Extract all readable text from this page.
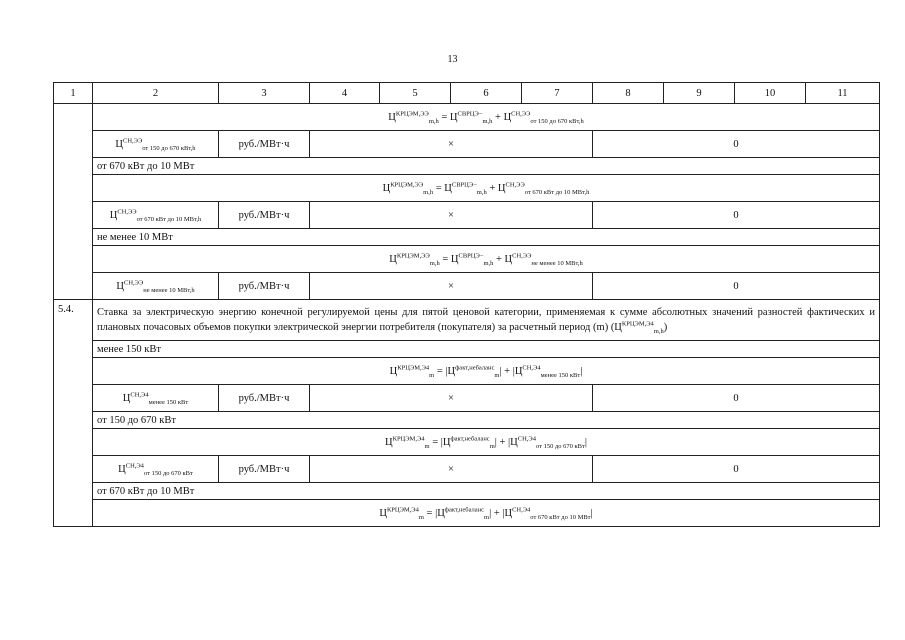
13
1	2	3	4	5	6	7	8	9	10	11
	$Ц^{КРЦЭМ,ЭЭ}_{m,h} = Ц^{СВРЦЭ-}_{m,h} + Ц^{СН,ЭЭ}_{от 150 до 670 кВт,h}$
	$Ц^{СН,ЭЭ}_{от 150 до 670 кВт,h}$	руб./МВт·ч	×				0			
	от 670 кВт до 10 МВт									
	$Ц^{КРЦЭМ,ЭЭ}_{m,h} = Ц^{СВРЦЭ-}_{m,h} + Ц^{СН,ЭЭ}_{от 670 кВт до 10 МВт,h}$
	$Ц^{СН,ЭЭ}_{от 670 кВт до 10 МВт,h}$	руб./МВт·ч	×				0			
	не менее 10 МВт									
	$Ц^{КРЦЭМ,ЭЭ}_{m,h} = Ц^{СВРЦЭ-}_{m,h} + Ц^{СН,ЭЭ}_{не менее 10 МВт,h}$
	$Ц^{СН,ЭЭ}_{не менее 10 МВт,h}$	руб./МВт·ч	×				0			
5.4.	Ставка за электрическую энергию конечной регулируемой цены для пятой ценовой категории, применяемая к сумме абсолютных значений разностей фактических и плановых почасовых объемов покупки электрической энергии потребителя (покупателя) за расчетный период (m) $(Ц^{КРЦЭМ,Э4}_{m,h})$									
	менее 150 кВт									
	$Ц^{КРЦЭМ,Э4}_m = |Ц^{факт,небаланс}_m| + |Ц^{СН,Э4}_{менее 150 кВт}|$									
	$Ц^{СН,Э4}_{менее 150 кВт}$	руб./МВт·ч	×				0			
	от 150 до 670 кВт									
	$Ц^{КРЦЭМ,Э4}_m = |Ц^{факт,небаланс}_m| + |Ц^{СН,Э4}_{от 150 до 670 кВт}|$									
	$Ц^{СН,Э4}_{от 150 до 670 кВт}$	руб./МВт·ч	×				0			
	от 670 кВт до 10 МВт									
	$Ц^{КРЦЭМ,Э4}_m = |Ц^{факт,небаланс}_m| + |Ц^{СН,Э4}_{от 670 кВт до 10 МВт}|$									
